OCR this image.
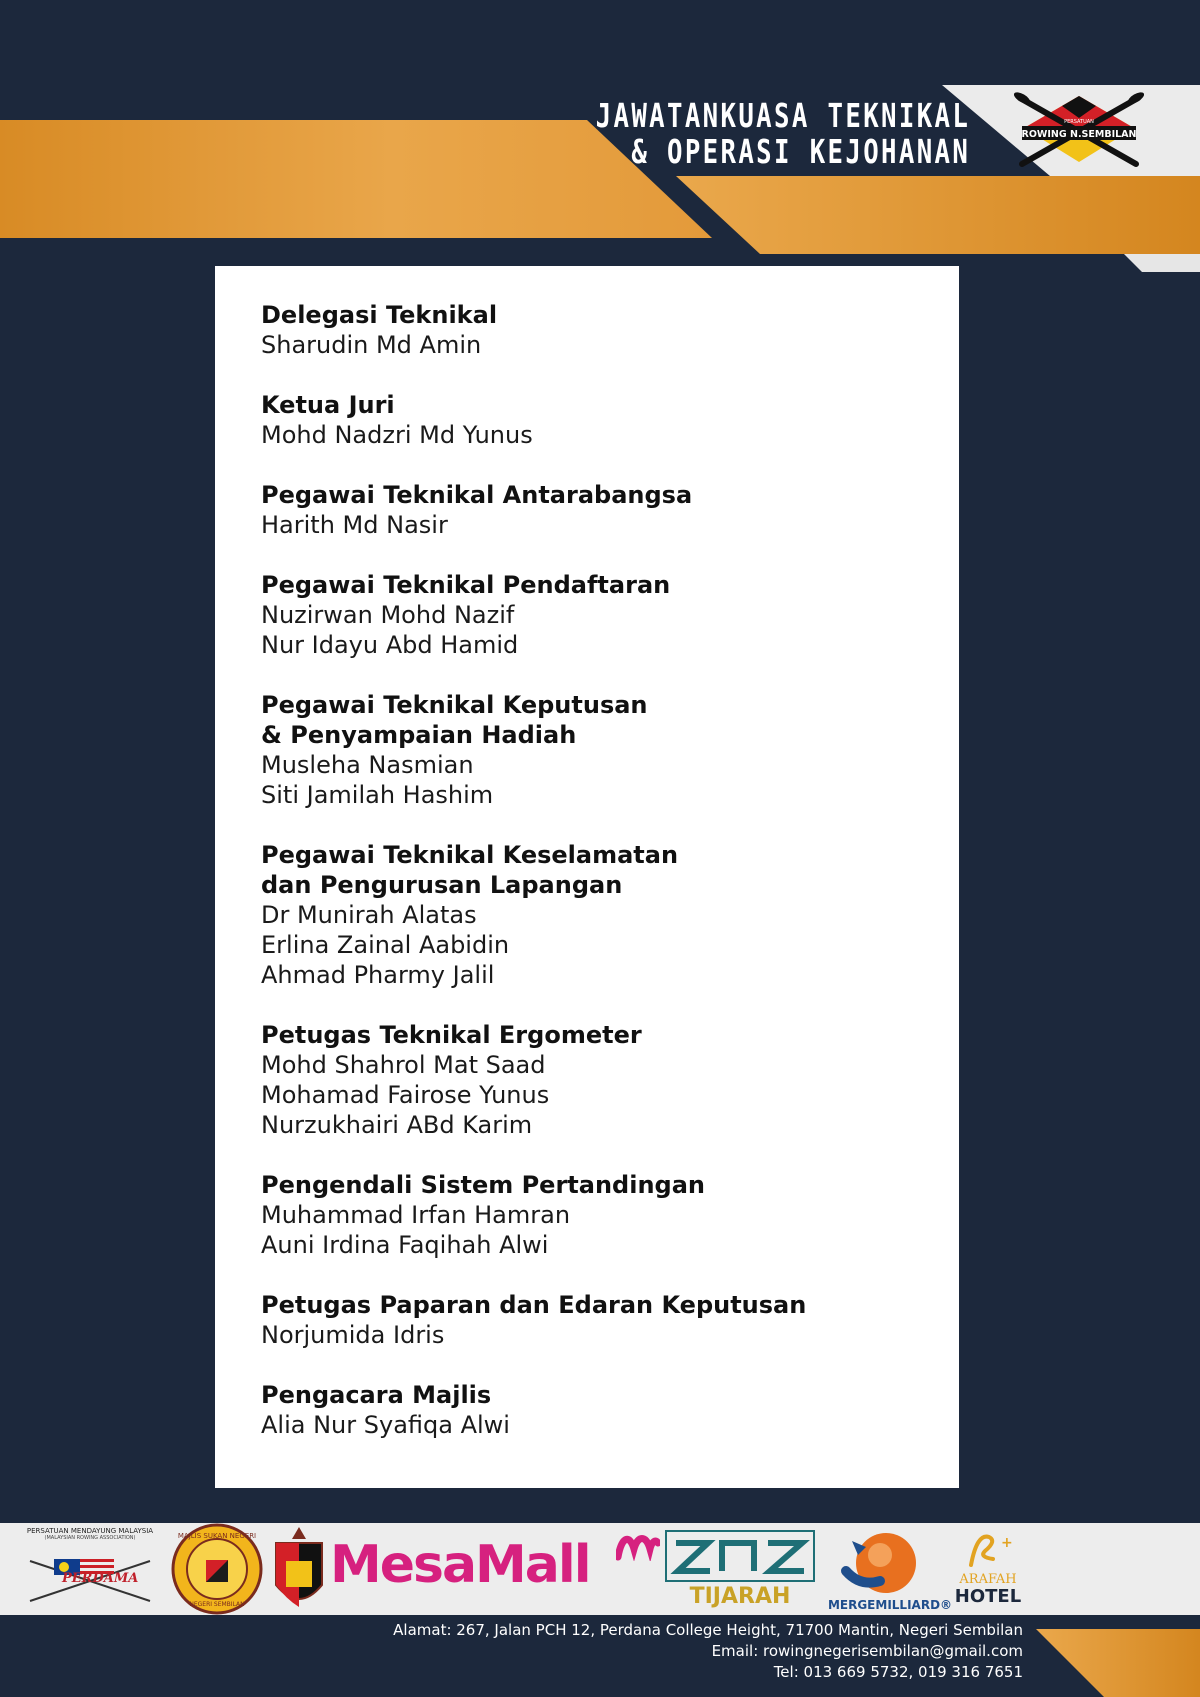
JAWATANKUASA TEKNIKAL
& OPERASI KEJOHANAN
PERSATUAN
ROWING N.SEMBILAN
Delegasi Teknikal
Sharudin Md Amin
Ketua Juri
Mohd Nadzri Md Yunus
Pegawai Teknikal Antarabangsa
Harith Md Nasir
Pegawai Teknikal Pendaftaran
Nuzirwan Mohd Nazif
Nur Idayu Abd Hamid
Pegawai Teknikal Keputusan
& Penyampaian Hadiah
Musleha Nasmian
Siti Jamilah Hashim
Pegawai Teknikal Keselamatan
dan Pengurusan Lapangan
Dr Munirah Alatas
Erlina Zainal Aabidin
Ahmad Pharmy Jalil
Petugas Teknikal Ergometer
Mohd Shahrol Mat Saad
Mohamad Fairose Yunus
Nurzukhairi ABd Karim
Pengendali Sistem Pertandingan
Muhammad Irfan Hamran
Auni Irdina Faqihah Alwi
Petugas Paparan dan Edaran Keputusan
Norjumida Idris
Pengacara Majlis
Alia Nur Syafiqa Alwi
PERSATUAN MENDAYUNG MALAYSIA
(MALAYSIAN ROWING ASSOCIATION)
PERDAMA
MAJLIS SUKAN NEGERI
NEGERI SEMBILAN
MesaMall
TIJARAH	MERGEMILLIARD®
+
ARAFAH
HOTEL
Alamat: 267, Jalan PCH 12, Perdana College Height, 71700 Mantin, Negeri Sembilan
Email: rowingnegerisembilan@gmail.com
Tel: 013 669 5732, 019 316 7651
